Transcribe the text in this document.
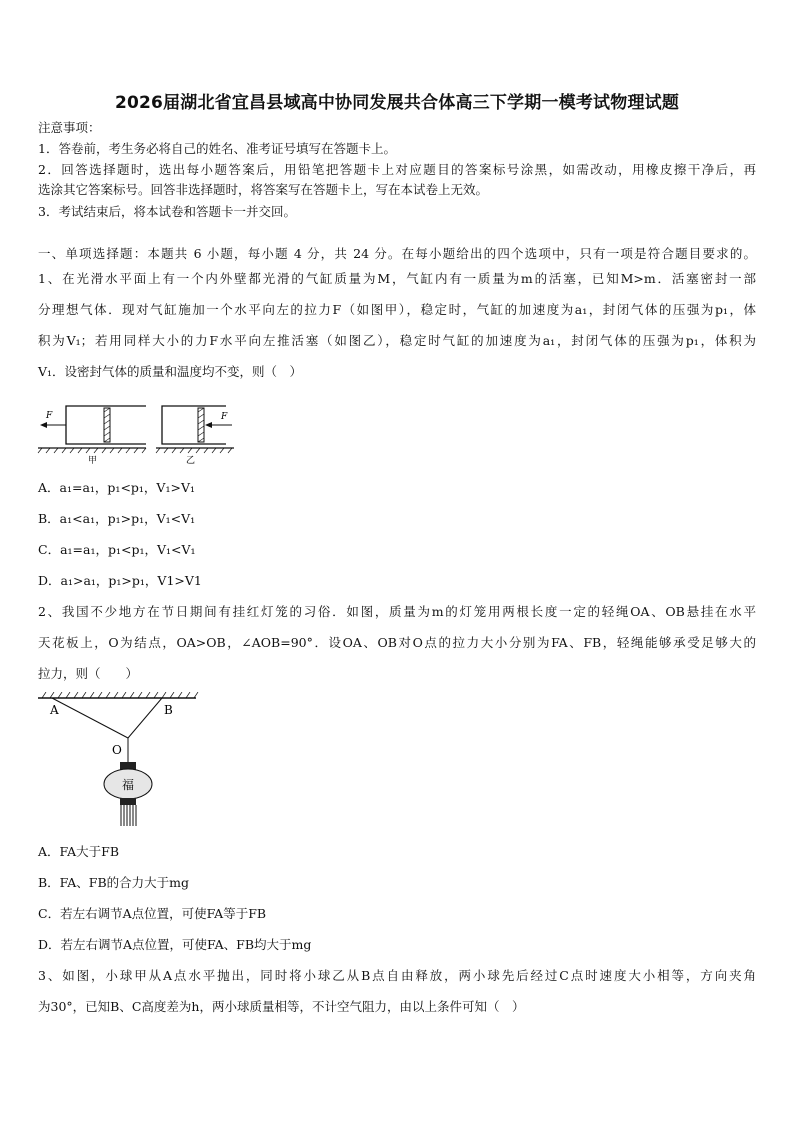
2026届湖北省宜昌县域高中协同发展共合体高三下学期一模考试物理试题
注意事项：
1．答卷前，考生务必将自己的姓名、准考证号填写在答题卡上。
2．回答选择题时，选出每小题答案后，用铅笔把答题卡上对应题目的答案标号涂黑，如需改动，用橡皮擦干净后，再
选涂其它答案标号。回答非选择题时，将答案写在答题卡上，写在本试卷上无效。
3．考试结束后，将本试卷和答题卡一并交回。
一、单项选择题：本题共 6 小题，每小题 4 分，共 24 分。在每小题给出的四个选项中，只有一项是符合题目要求的。
1、在光滑水平面上有一个内外壁都光滑的气缸质量为M，气缸内有一质量为m的活塞，已知M>m．活塞密封一部
分理想气体．现对气缸施加一个水平向左的拉力F（如图甲），稳定时，气缸的加速度为a₁，封闭气体的压强为p₁，体
积为V₁；若用同样大小的力F水平向左推活塞（如图乙），稳定时气缸的加速度为a₁，封闭气体的压强为p₁，体积为
V₁．设密封气体的质量和温度均不变，则（　）
F
甲
F
乙
A．a₁=a₁，p₁<p₁，V₁>V₁
B．a₁<a₁，p₁>p₁，V₁<V₁
C．a₁=a₁，p₁<p₁，V₁<V₁
D．a₁>a₁，p₁>p₁，V1>V1
2、我国不少地方在节日期间有挂红灯笼的习俗．如图，质量为m的灯笼用两根长度一定的轻绳OA、OB悬挂在水平
天花板上，O为结点，OA>OB，∠AOB=90°．设OA、OB对O点的拉力大小分别为FA、FB，轻绳能够承受足够大的
拉力，则（　　）
A	B
O
福
A．FA大于FB
B．FA、FB的合力大于mg
C．若左右调节A点位置，可使FA等于FB
D．若左右调节A点位置，可使FA、FB均大于mg
3、如图，小球甲从A点水平抛出，同时将小球乙从B点自由释放，两小球先后经过C点时速度大小相等，方向夹角
为30°，已知B、C高度差为h，两小球质量相等，不计空气阻力，由以上条件可知（　）
